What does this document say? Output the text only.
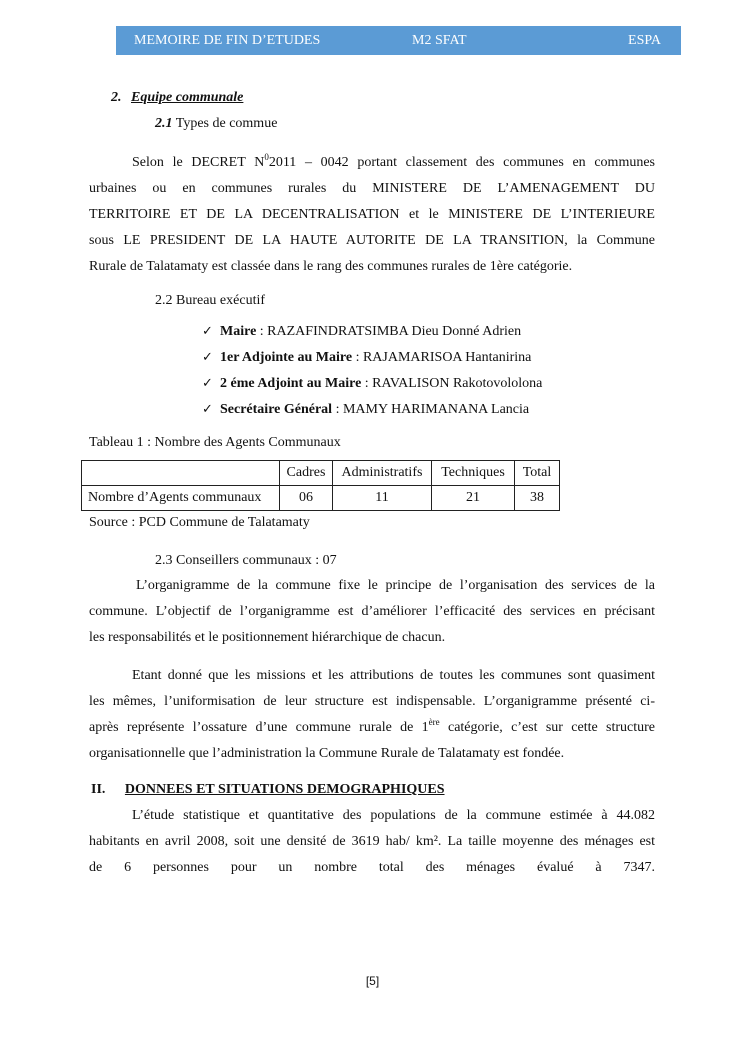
MEMOIRE DE FIN D’ETUDES	M2 SFAT	ESPA
2. Equipe communale
2.1 Types de commue
Selon le DECRET $N^02011 - 0042$ portant classement des communes en communes
urbaines ou en communes rurales du MINISTERE DE L’AMENAGEMENT DU
TERRITOIRE ET DE LA DECENTRALISATION et le MINISTERE DE L’INTERIEURE
sous LE PRESIDENT DE LA HAUTE AUTORITE DE LA TRANSITION, la Commune
Rurale de Talatamaty est classée dans le rang des communes rurales de 1ère catégorie.
2.2 Bureau exécutif
✓ Maire : RAZAFINDRATSIMBA Dieu Donné Adrien
✓ 1er Adjointe au Maire : RAJAMARISOA Hantanirina
✓ 2 éme Adjoint au Maire : RAVALISON Rakotovololona
✓ Secrétaire Général : MAMY HARIMANANA Lancia
Tableau 1 : Nombre des Agents Communaux
	Cadres	Administratifs	Techniques	Total
Nombre d’Agents communaux	06	11	21	38
Source : PCD Commune de Talatamaty
2.3 Conseillers communaux : 07
L’organigramme de la commune fixe le principe de l’organisation des services de la
commune. L’objectif de l’organigramme est d’améliorer l’efficacité des services en précisant
les responsabilités et le positionnement hiérarchique de chacun.
Etant donné que les missions et les attributions de toutes les communes sont quasiment
les mêmes, l’uniformisation de leur structure est indispensable. L’organigramme présenté ci-
après représente l’ossature d’une commune rurale de 1ère catégorie, c’est sur cette structure
organisationnelle que l’administration la Commune Rurale de Talatamaty est fondée.
II. DONNEES ET SITUATIONS DEMOGRAPHIQUES
L’étude statistique et quantitative des populations de la commune estimée à 44.082
habitants en avril 2008, soit une densité de 3619 hab/ km². La taille moyenne des ménages est
de 6 personnes pour un nombre total des ménages évalué à 7347.
[5]
